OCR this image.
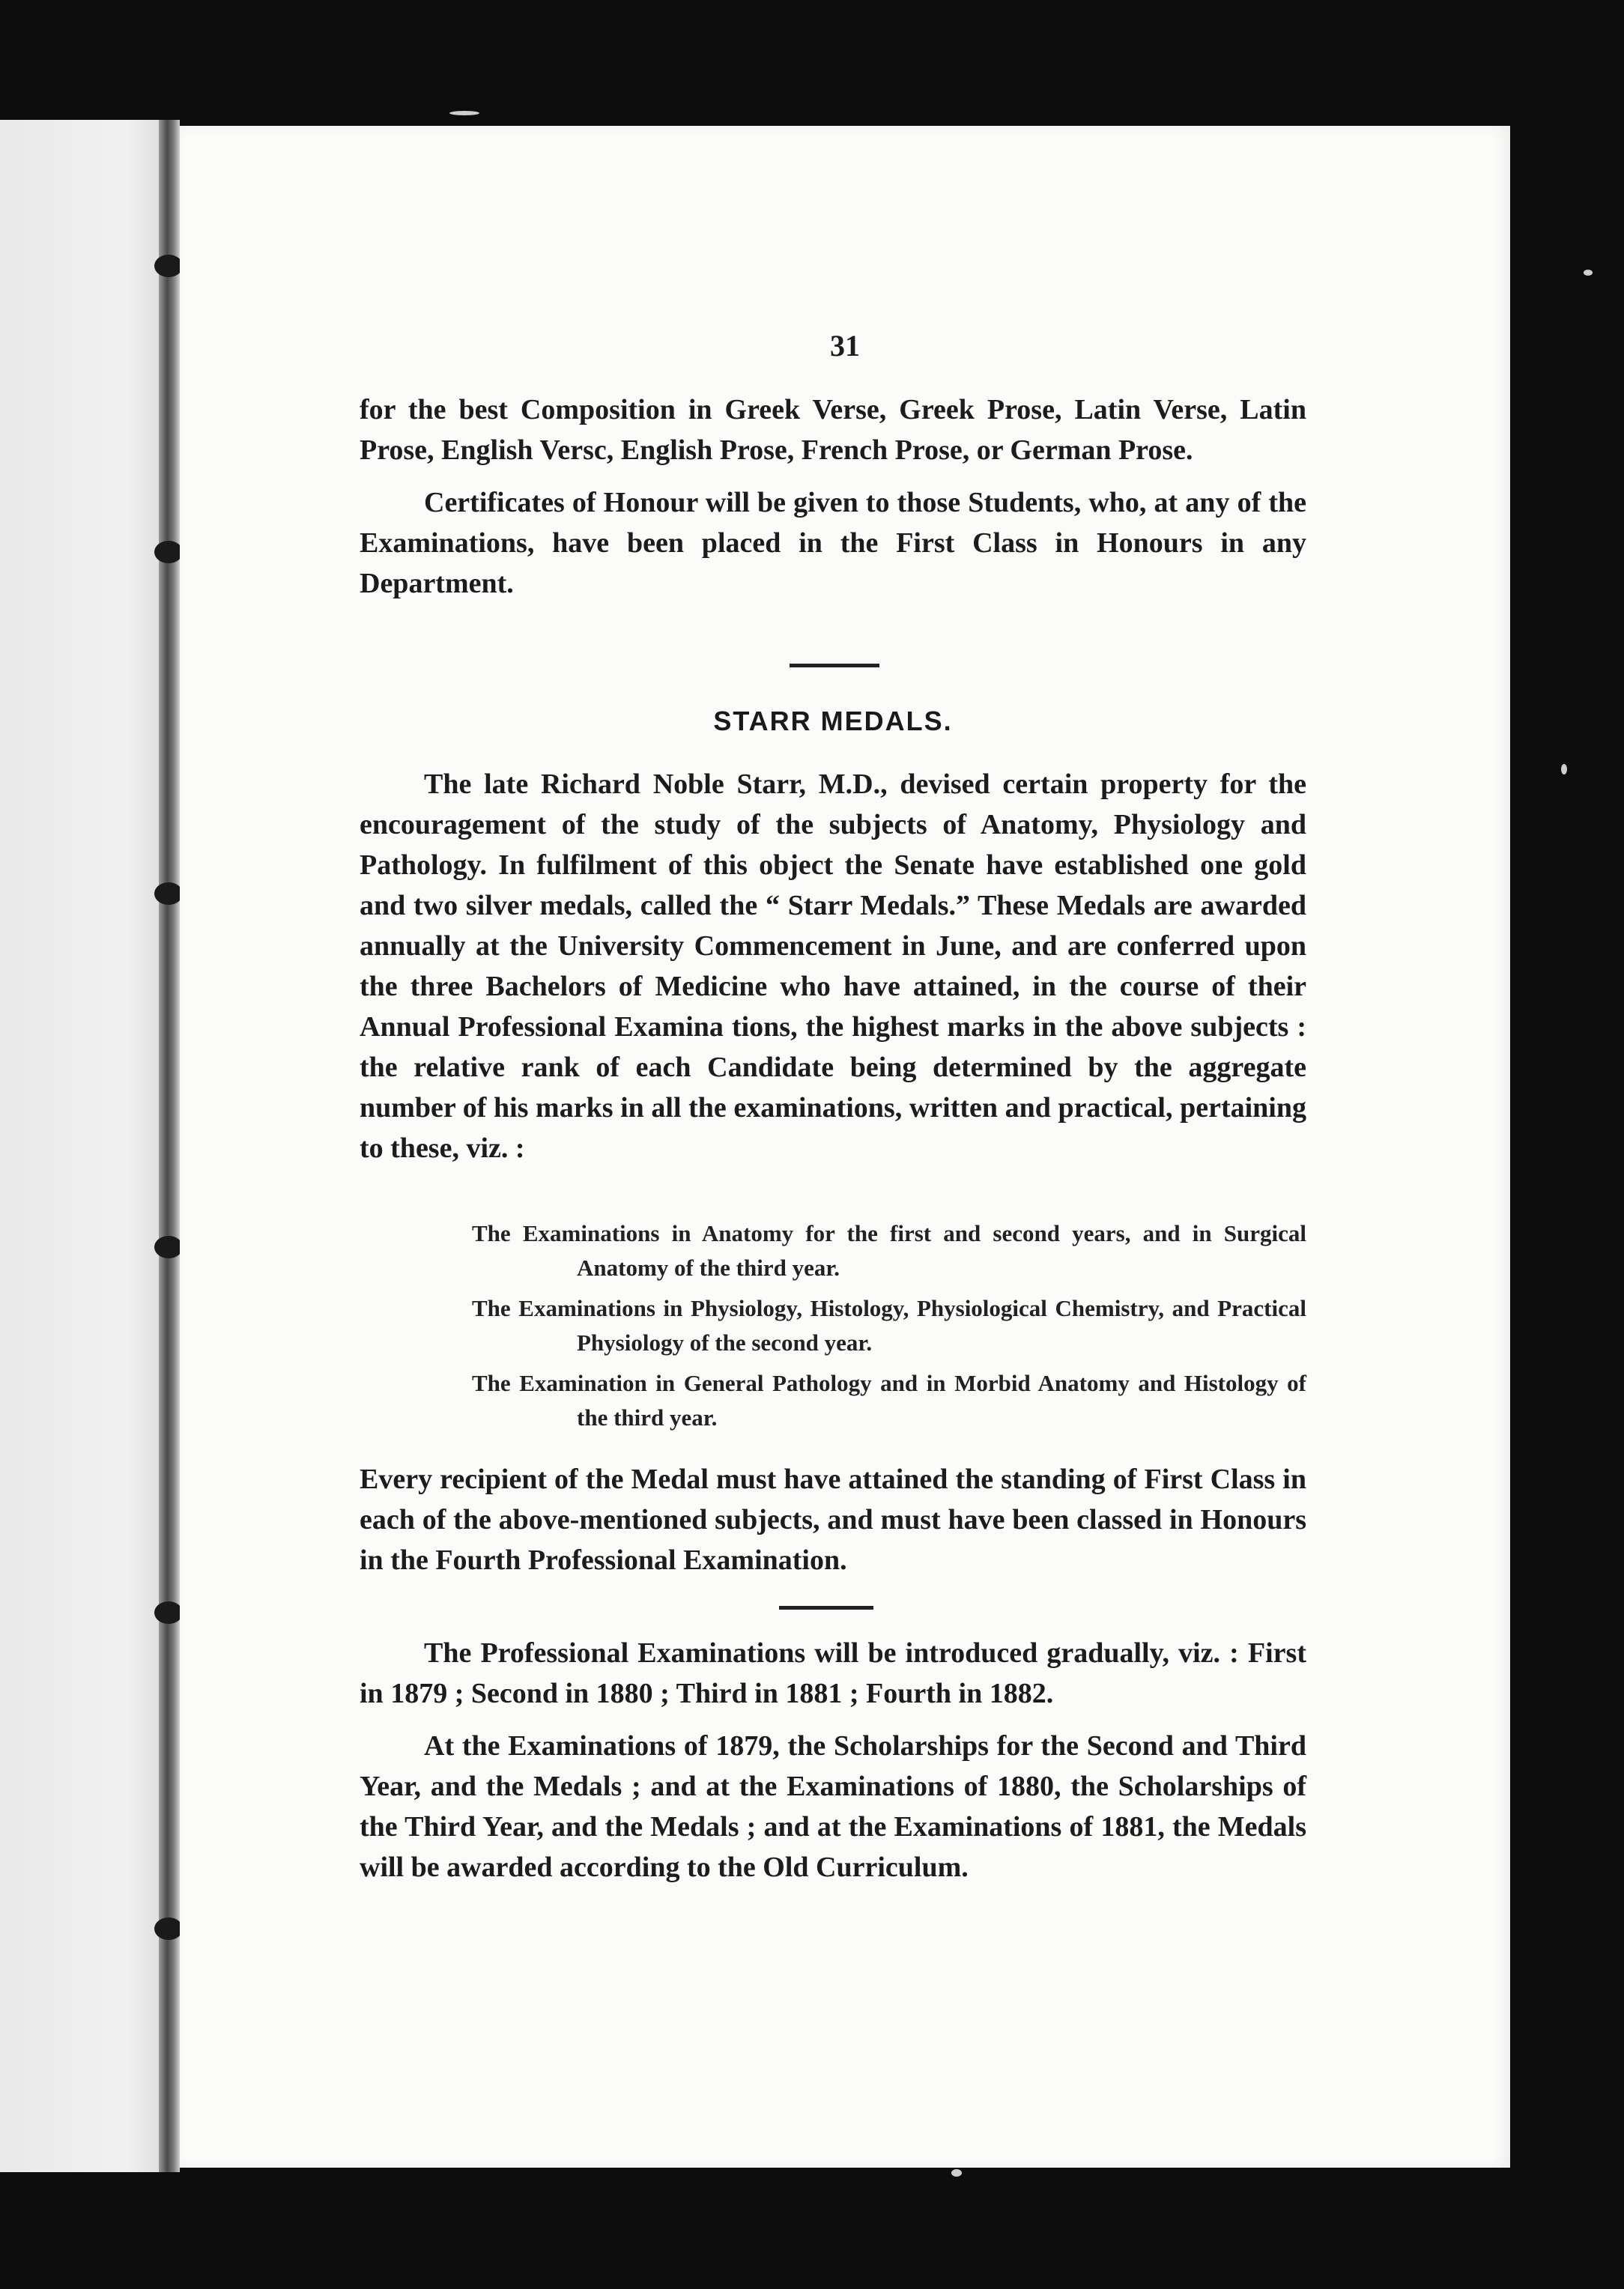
31

for the best Composition in Greek Verse, Greek Prose, Latin Verse, Latin Prose, English Versc, English Prose, French Prose, or German Prose.

Certificates of Honour will be given to those Students, who, at any of the Examinations, have been placed in the First Class in Honours in any Department.

STARR MEDALS.

The late Richard Noble Starr, M.D., devised certain property for the encouragement of the study of the subjects of Anatomy, Physiology and Pathology. In fulfilment of this object the Senate have established one gold and two silver medals, called the “ Starr Medals.” These Medals are awarded annually at the University Commencement in June, and are conferred upon the three Bachelors of Medicine who have attained, in the course of their Annual Professional Examina tions, the highest marks in the above subjects : the relative rank of each Candidate being determined by the aggregate number of his marks in all the examinations, written and practical, pertaining to these, viz. :

The Examinations in Anatomy for the first and second years, and in Surgical Anatomy of the third year.
The Examinations in Physiology, Histology, Physiological Chemistry, and Practical Physiology of the second year.
The Examination in General Pathology and in Morbid Anatomy and Histology of the third year.

Every recipient of the Medal must have attained the standing of First Class in each of the above-mentioned subjects, and must have been classed in Honours in the Fourth Professional Examination.

The Professional Examinations will be introduced gradually, viz. : First in 1879 ; Second in 1880 ; Third in 1881 ; Fourth in 1882.

At the Examinations of 1879, the Scholarships for the Second and Third Year, and the Medals ; and at the Examinations of 1880, the Scholarships of the Third Year, and the Medals ; and at the Examinations of 1881, the Medals will be awarded according to the Old Curriculum.
